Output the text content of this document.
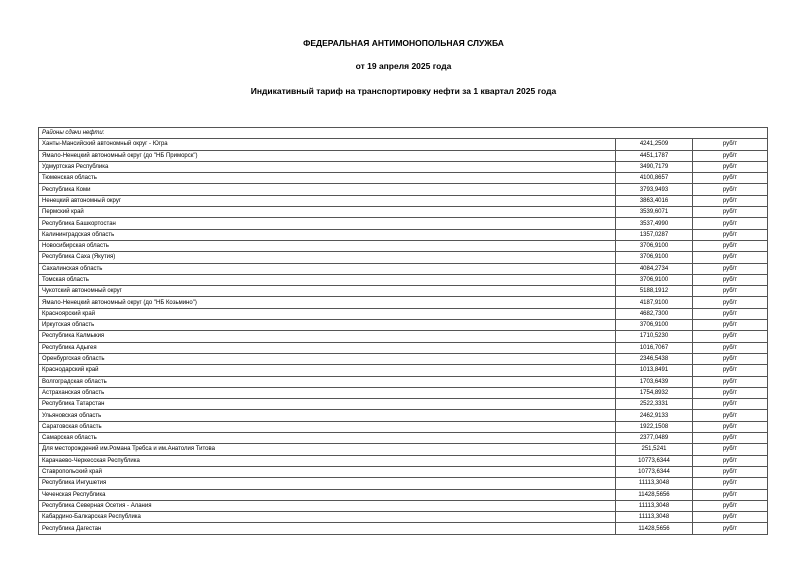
ФЕДЕРАЛЬНАЯ АНТИМОНОПОЛЬНАЯ СЛУЖБА
от 19 апреля 2025 года
Индикативный тариф на транспортировку нефти за 1 квартал 2025 года
Районы сдачи нефти:		
Ханты-Мансийский автономный округ - Югра	4241,2509	руб/т
Ямало-Ненецкий автономный округ (до "НБ Приморск")	4451,1787	руб/т
Удмуртская Республика	3490,7179	руб/т
Тюменская область	4100,8657	руб/т
Республика Коми	3793,9493	руб/т
Ненецкий автономный округ	3863,4016	руб/т
Пермский край	3539,6071	руб/т
Республика Башкортостан	3537,4990	руб/т
Калининградская область	1357,0287	руб/т
Новосибирская область	3706,9100	руб/т
Республика Саха (Якутия)	3706,9100	руб/т
Сахалинская область	4084,2734	руб/т
Томская область	3706,9100	руб/т
Чукотский автономный округ	5188,1912	руб/т
Ямало-Ненецкий автономный округ (до "НБ Козьмино")	4187,9100	руб/т
Красноярский край	4682,7300	руб/т
Иркутская область	3706,9100	руб/т
Республика Калмыкия	1710,5230	руб/т
Республика Адыгея	1016,7067	руб/т
Оренбургская область	2346,5438	руб/т
Краснодарский край	1013,8491	руб/т
Волгоградская область	1703,6439	руб/т
Астраханская область	1754,8932	руб/т
Республика Татарстан	2522,3331	руб/т
Ульяновская область	2462,9133	руб/т
Саратовская область	1922,1508	руб/т
Самарская область	2377,0489	руб/т
Для месторождений им.Романа Требса и им.Анатолия Титова	251,5241	руб/т
Карачаево-Черкесская Республика	10773,6344	руб/т
Ставропольский край	10773,6344	руб/т
Республика Ингушетия	11113,3048	руб/т
Чеченская Республика	11428,5656	руб/т
Республика Северная Осетия - Алания	11113,3048	руб/т
Кабардино-Балкарская Республика	11113,3048	руб/т
Республика Дагестан	11428,5656	руб/т
